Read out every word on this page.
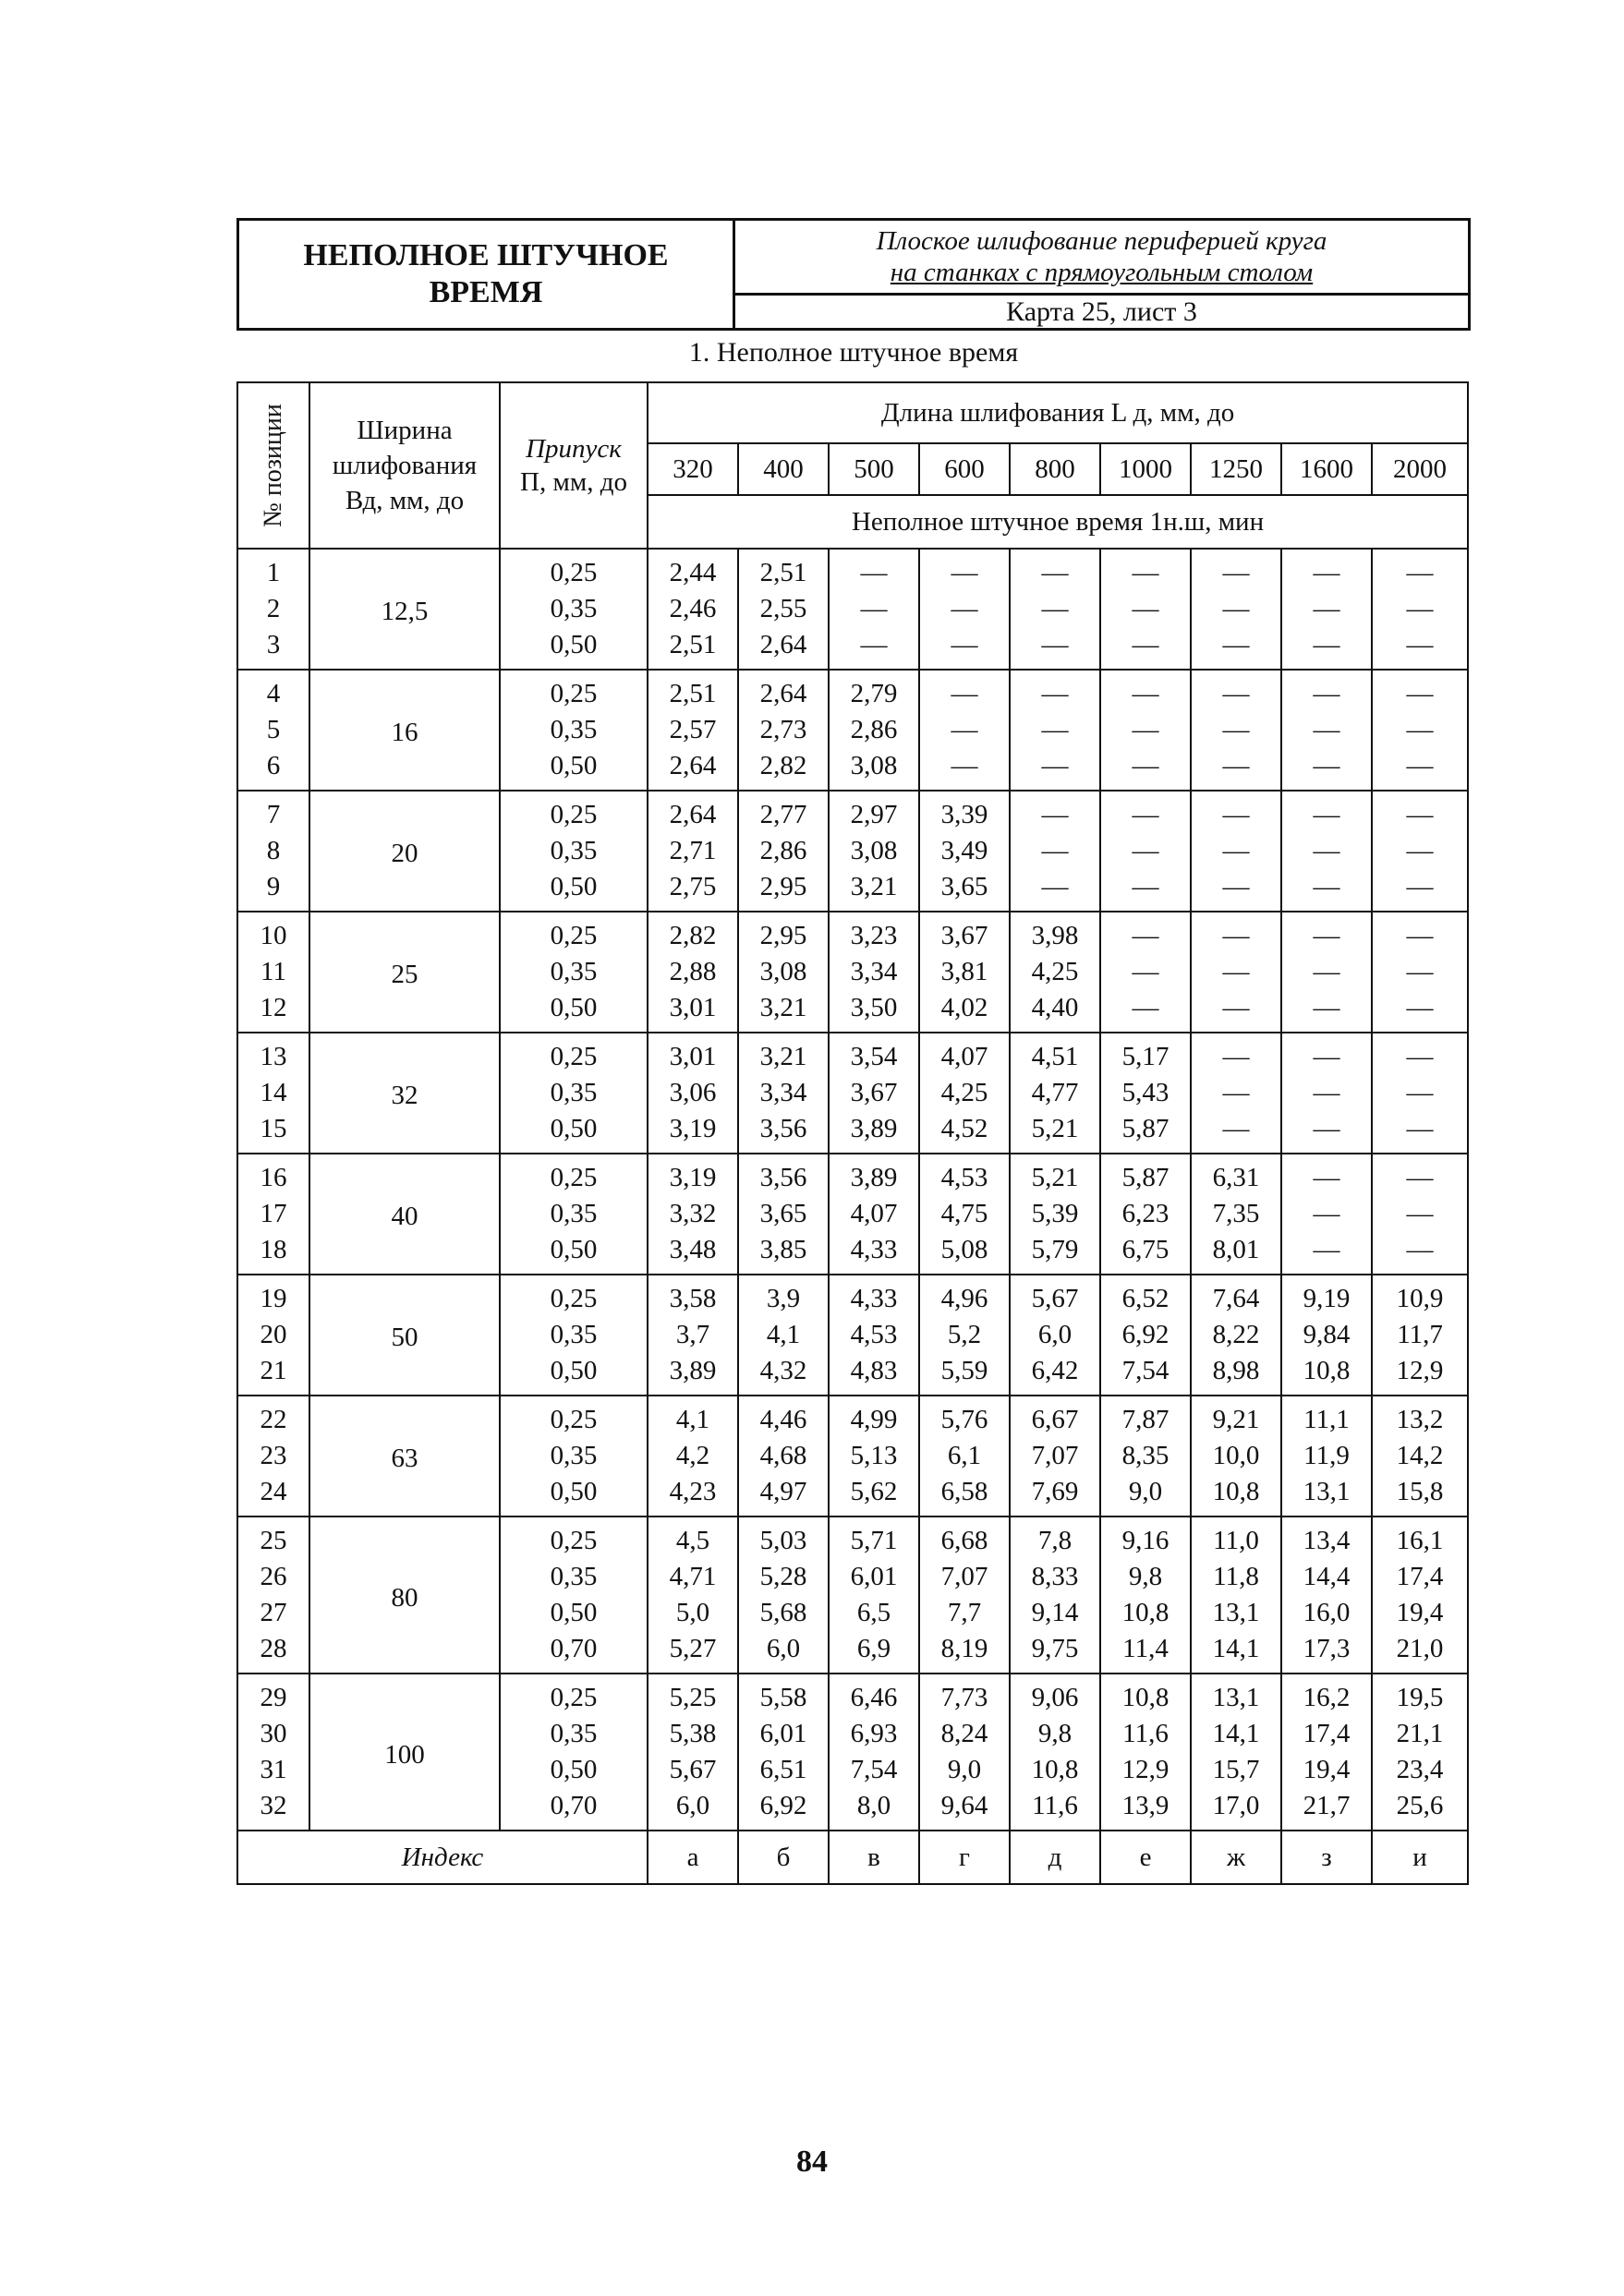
НЕПОЛНОЕ ШТУЧНОЕ
ВРЕМЯ
Плоское шлифование периферией круга
на станках с прямоугольным столом
Карта 25, лист 3
1. Неполное штучное время
№ позиции	Ширина шлифования Вд, мм, до	Припуск
П, мм, до	Длина шлифования L д, мм, до								
			320	400	500	600	800	1000	1250	1600	2000
			Неполное штучное время 1н.ш, мин								
1	12,5	0,25	2,44	2,51	—	—	—	—	—	—	—
2		0,35	2,46	2,55	—	—	—	—	—	—	—
3		0,50	2,51	2,64	—	—	—	—	—	—	—
4	16	0,25	2,51	2,64	2,79	—	—	—	—	—	—
5		0,35	2,57	2,73	2,86	—	—	—	—	—	—
6		0,50	2,64	2,82	3,08	—	—	—	—	—	—
7	20	0,25	2,64	2,77	2,97	3,39	—	—	—	—	—
8		0,35	2,71	2,86	3,08	3,49	—	—	—	—	—
9		0,50	2,75	2,95	3,21	3,65	—	—	—	—	—
10	25	0,25	2,82	2,95	3,23	3,67	3,98	—	—	—	—
11		0,35	2,88	3,08	3,34	3,81	4,25	—	—	—	—
12		0,50	3,01	3,21	3,50	4,02	4,40	—	—	—	—
13	32	0,25	3,01	3,21	3,54	4,07	4,51	5,17	—	—	—
14		0,35	3,06	3,34	3,67	4,25	4,77	5,43	—	—	—
15		0,50	3,19	3,56	3,89	4,52	5,21	5,87	—	—	—
16	40	0,25	3,19	3,56	3,89	4,53	5,21	5,87	6,31	—	—
17		0,35	3,32	3,65	4,07	4,75	5,39	6,23	7,35	—	—
18		0,50	3,48	3,85	4,33	5,08	5,79	6,75	8,01	—	—
19	50	0,25	3,58	3,9	4,33	4,96	5,67	6,52	7,64	9,19	10,9
20		0,35	3,7	4,1	4,53	5,2	6,0	6,92	8,22	9,84	11,7
21		0,50	3,89	4,32	4,83	5,59	6,42	7,54	8,98	10,8	12,9
22	63	0,25	4,1	4,46	4,99	5,76	6,67	7,87	9,21	11,1	13,2
23		0,35	4,2	4,68	5,13	6,1	7,07	8,35	10,0	11,9	14,2
24		0,50	4,23	4,97	5,62	6,58	7,69	9,0	10,8	13,1	15,8
25	80	0,25	4,5	5,03	5,71	6,68	7,8	9,16	11,0	13,4	16,1
26		0,35	4,71	5,28	6,01	7,07	8,33	9,8	11,8	14,4	17,4
27		0,50	5,0	5,68	6,5	7,7	9,14	10,8	13,1	16,0	19,4
28		0,70	5,27	6,0	6,9	8,19	9,75	11,4	14,1	17,3	21,0
29	100	0,25	5,25	5,58	6,46	7,73	9,06	10,8	13,1	16,2	19,5
30		0,35	5,38	6,01	6,93	8,24	9,8	11,6	14,1	17,4	21,1
31		0,50	5,67	6,51	7,54	9,0	10,8	12,9	15,7	19,4	23,4
32		0,70	6,0	6,92	8,0	9,64	11,6	13,9	17,0	21,7	25,6
Индекс			а	б	в	г	д	е	ж	з	и
84
